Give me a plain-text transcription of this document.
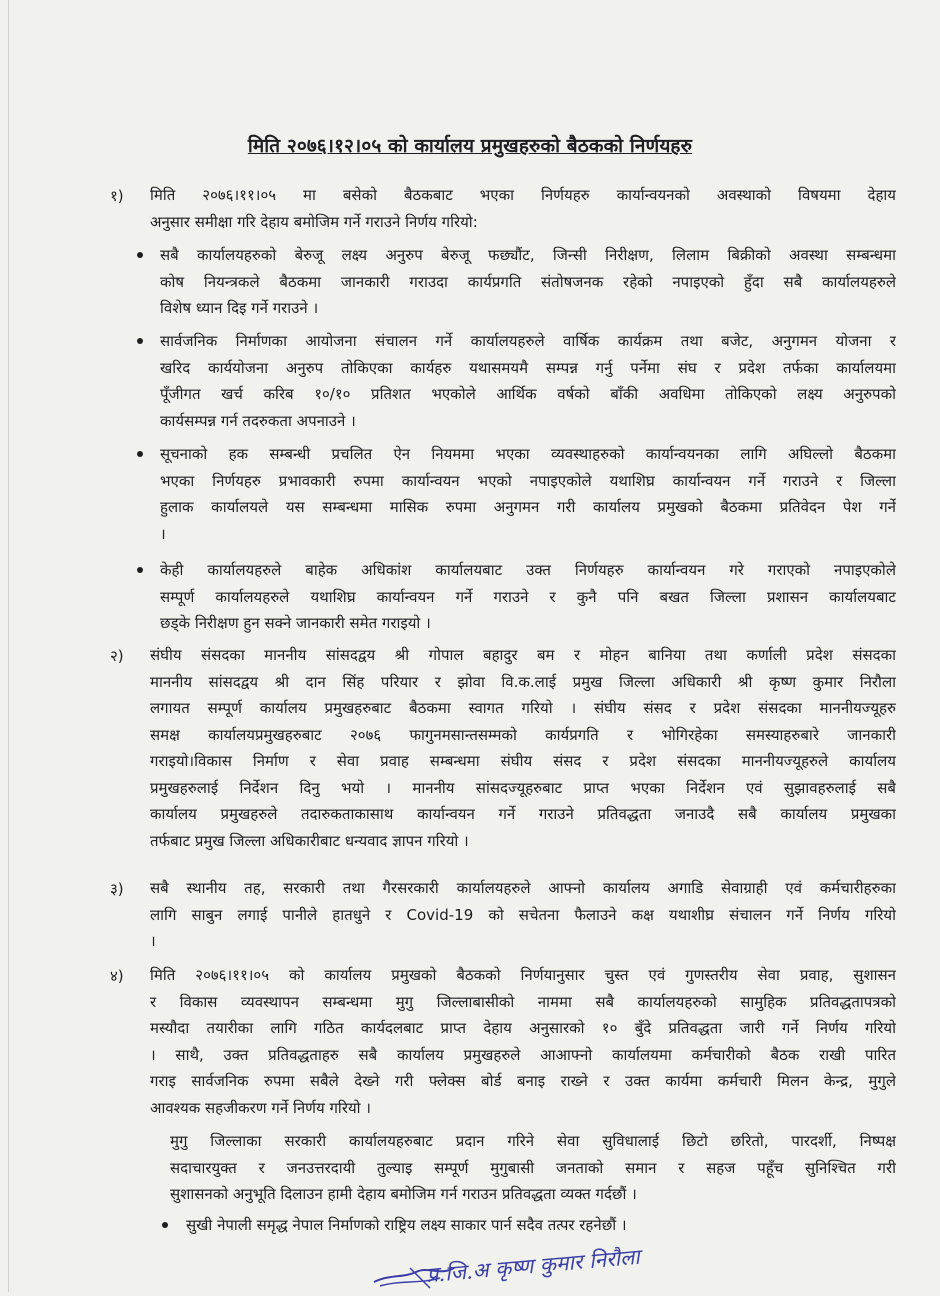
मिति २०७६।१२।०५ को कार्यालय प्रमुखहरुको बैठकको निर्णयहरु
१) मिति २०७६।११।०५ मा बसेको बैठकबाट भएका निर्णयहरु कार्यान्वयनको अवस्थाको विषयमा देहाय
अनुसार समीक्षा गरि देहाय बमोजिम गर्ने गराउने निर्णय गरियो:
सबै कार्यालयहरुको बेरुजू लक्ष्य अनुरुप बेरुजू फछ्यौंट, जिन्सी निरीक्षण, लिलाम बिक्रीको अवस्था सम्बन्धमा
कोष नियन्त्रकले बैठकमा जानकारी गराउदा कार्यप्रगति संतोषजनक रहेको नपाइएको हुँदा सबै कार्यालयहरुले
विशेष ध्यान दिइ गर्ने गराउने ।
सार्वजनिक निर्माणका आयोजना संचालन गर्ने कार्यालयहरुले वार्षिक कार्यक्रम तथा बजेट, अनुगमन योजना र
खरिद कार्ययोजना अनुरुप तोकिएका कार्यहरु यथासमयमै सम्पन्न गर्नु पर्नेमा संघ र प्रदेश तर्फका कार्यालयमा
पूँजीगत खर्च करिब १०/१० प्रतिशत भएकोले आर्थिक वर्षको बाँकी अवधिमा तोकिएको लक्ष्य अनुरुपको
कार्यसम्पन्न गर्न तदरुकता अपनाउने ।
सूचनाको हक सम्बन्धी प्रचलित ऐन नियममा भएका व्यवस्थाहरुको कार्यान्वयनका लागि अघिल्लो बैठकमा
भएका निर्णयहरु प्रभावकारी रुपमा कार्यान्वयन भएको नपाइएकोले यथाशिघ्र कार्यान्वयन गर्ने गराउने र जिल्ला
हुलाक कार्यालयले यस सम्बन्धमा मासिक रुपमा अनुगमन गरी कार्यालय प्रमुखको बैठकमा प्रतिवेदन पेश गर्ने
।
केही कार्यालयहरुले बाहेक अधिकांश कार्यालयबाट उक्त निर्णयहरु कार्यान्वयन गरे गराएको नपाइएकोले
सम्पूर्ण कार्यालयहरुले यथाशिघ्र कार्यान्वयन गर्ने गराउने र कुनै पनि बखत जिल्ला प्रशासन कार्यालयबाट
छड्के निरीक्षण हुन सक्ने जानकारी समेत गराइयो ।
२) संघीय संसदका माननीय सांसदद्वय श्री गोपाल बहादुर बम र मोहन बानिया तथा कर्णाली प्रदेश संसदका
माननीय सांसदद्वय श्री दान सिंह परियार र झोवा वि.क.लाई प्रमुख जिल्ला अधिकारी श्री कृष्ण कुमार निरौला
लगायत सम्पूर्ण कार्यालय प्रमुखहरुबाट बैठकमा स्वागत गरियो । संघीय संसद र प्रदेश संसदका माननीयज्यूहरु
समक्ष कार्यालयप्रमुखहरुबाट २०७६ फागुनमसान्तसम्मको कार्यप्रगति र भोगिरहेका समस्याहरुबारे जानकारी
गराइयो।विकास निर्माण र सेवा प्रवाह सम्बन्धमा संघीय संसद र प्रदेश संसदका माननीयज्यूहरुले कार्यालय
प्रमुखहरुलाई निर्देशन दिनु भयो । माननीय सांसदज्यूहरुबाट प्राप्त भएका निर्देशन एवं सुझावहरुलाई सबै
कार्यालय प्रमुखहरुले तदारुकताकासाथ कार्यान्वयन गर्ने गराउने प्रतिवद्धता जनाउदै सबै कार्यालय प्रमुखका
तर्फबाट प्रमुख जिल्ला अधिकारीबाट धन्यवाद ज्ञापन गरियो ।
३) सबै स्थानीय तह, सरकारी तथा गैरसरकारी कार्यालयहरुले आफ्नो कार्यालय अगाडि सेवाग्राही एवं कर्मचारीहरुका
लागि साबुन लगाई पानीले हातधुने र Covid-19 को सचेतना फैलाउने कक्ष यथाशीघ्र संचालन गर्ने निर्णय गरियो
।
४) मिति २०७६।११।०५ को कार्यालय प्रमुखको बैठकको निर्णयानुसार चुस्त एवं गुणस्तरीय सेवा प्रवाह, सुशासन
र विकास व्यवस्थापन सम्बन्धमा मुगु जिल्लाबासीको नाममा सबै कार्यालयहरुको सामुहिक प्रतिवद्धतापत्रको
मस्यौदा तयारीका लागि गठित कार्यदलबाट प्राप्त देहाय अनुसारको १० बुँदे प्रतिवद्धता जारी गर्ने निर्णय गरियो
। साथै, उक्त प्रतिवद्धताहरु सबै कार्यालय प्रमुखहरुले आआफ्नो कार्यालयमा कर्मचारीको बैठक राखी पारित
गराइ सार्वजनिक रुपमा सबैले देख्ने गरी फ्लेक्स बोर्ड बनाइ राख्ने र उक्त कार्यमा कर्मचारी मिलन केन्द्र, मुगुले
आवश्यक सहजीकरण गर्ने निर्णय गरियो ।
मुगु जिल्लाका सरकारी कार्यालयहरुबाट प्रदान गरिने सेवा सुविधालाई छिटो छरितो, पारदर्शी, निष्पक्ष
सदाचारयुक्त र जनउत्तरदायी तुल्याइ सम्पूर्ण मुगुबासी जनताको समान र सहज पहूँच सुनिश्चित गरी
सुशासनको अनुभूति दिलाउन हामी देहाय बमोजिम गर्न गराउन प्रतिवद्धता व्यक्त गर्दछौं ।
सुखी नेपाली समृद्ध नेपाल निर्माणको राष्ट्रिय लक्ष्य साकार पार्न सदैव तत्पर रहनेछौं ।
प्र.जि.अ कृष्ण कुमार निरौला
